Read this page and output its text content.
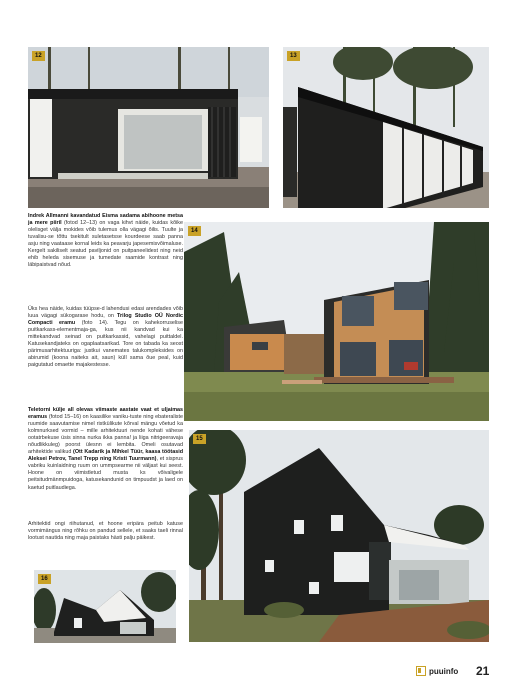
12	13

Indrek Allmanni kavandatud Eisma sadama abihoone metsa ja mere piiril (fotod 12–13) on vaga kihvt näide, kuidas kõike olelisget välja mokides võib tulemus olla vägagi õilis. Tuulte ja tuvalisu-se tõttu tsekitult suletasetsse kourdeese saab panna asju ning vaataase kornal leids ka peavarju japesemisvõimaluse. Kergelt sakiliselt seatud paviljonid on puitpaneelidest ning neid ehib heleda sisemuse ja tumedate raamide kontrast ning läbipaistvad nõud.

14

Üks hea näide, kuidas tüüpse-d lahendusi edasi arendades võib luua vägagi sükogarase hodu, on Trilog Studio OÜ Nordic Compacti eramu (foto 14). Tegu on kahekorruselise puitkarkass-elementmaja-ga, kus nii kandvad kui ka mittekandvad seinad on puitkarkassid, vahelagi puittaldel. Katusekandjateks on ogaplaatsarikad. Tore on tabada ka seost pärimusarhitektuuriga: justkui vanemates talukompleksides on abirumid (koona naiteks ait, saun) külI sama õue peal, kuid paigutatud omaette majakestesse.

Teletorni külje all olevas viimaste aastate vaat et uljaimas eramus (fotod 15–16) on kaasilike vaniku-tuste ning ebateraliste ruumide saavutamise nimel ristkülikute kõrval mängu võetud ka kolmnurksed vormid – mille arhitektuuri nende kohati vähese ootatrbekuse üsis sinna nurka ikka panna! ja liiga nitrigeeravaja nõudlikkuleg) poorst ülesnn ei lembita. Omeli osutavad arhitektide valikud (Ott Kadarik ja Mihkel Tüür, kaasa töötasid Aleksei Petrov, Tanel Trepp ning Kristi Tuurmann), et sisprus vabriku kuinlaidning ruum on ummpsearme nii väljast kui seest. Hoone on viimistletud musta ks võivaligele peitsitudmänmpuidoga, katusekandunid on timpuudst ja laed on kaetud puitlaudiega.

15

Arhitektid ongi riihutanud, et hoone eripära peitub katuse vormimängus ning rõhku on pandud sellele, et saaks taeli rinnal lootust nautida ning maja paistaks hästi palju päikest.

16
puuinfo 21
